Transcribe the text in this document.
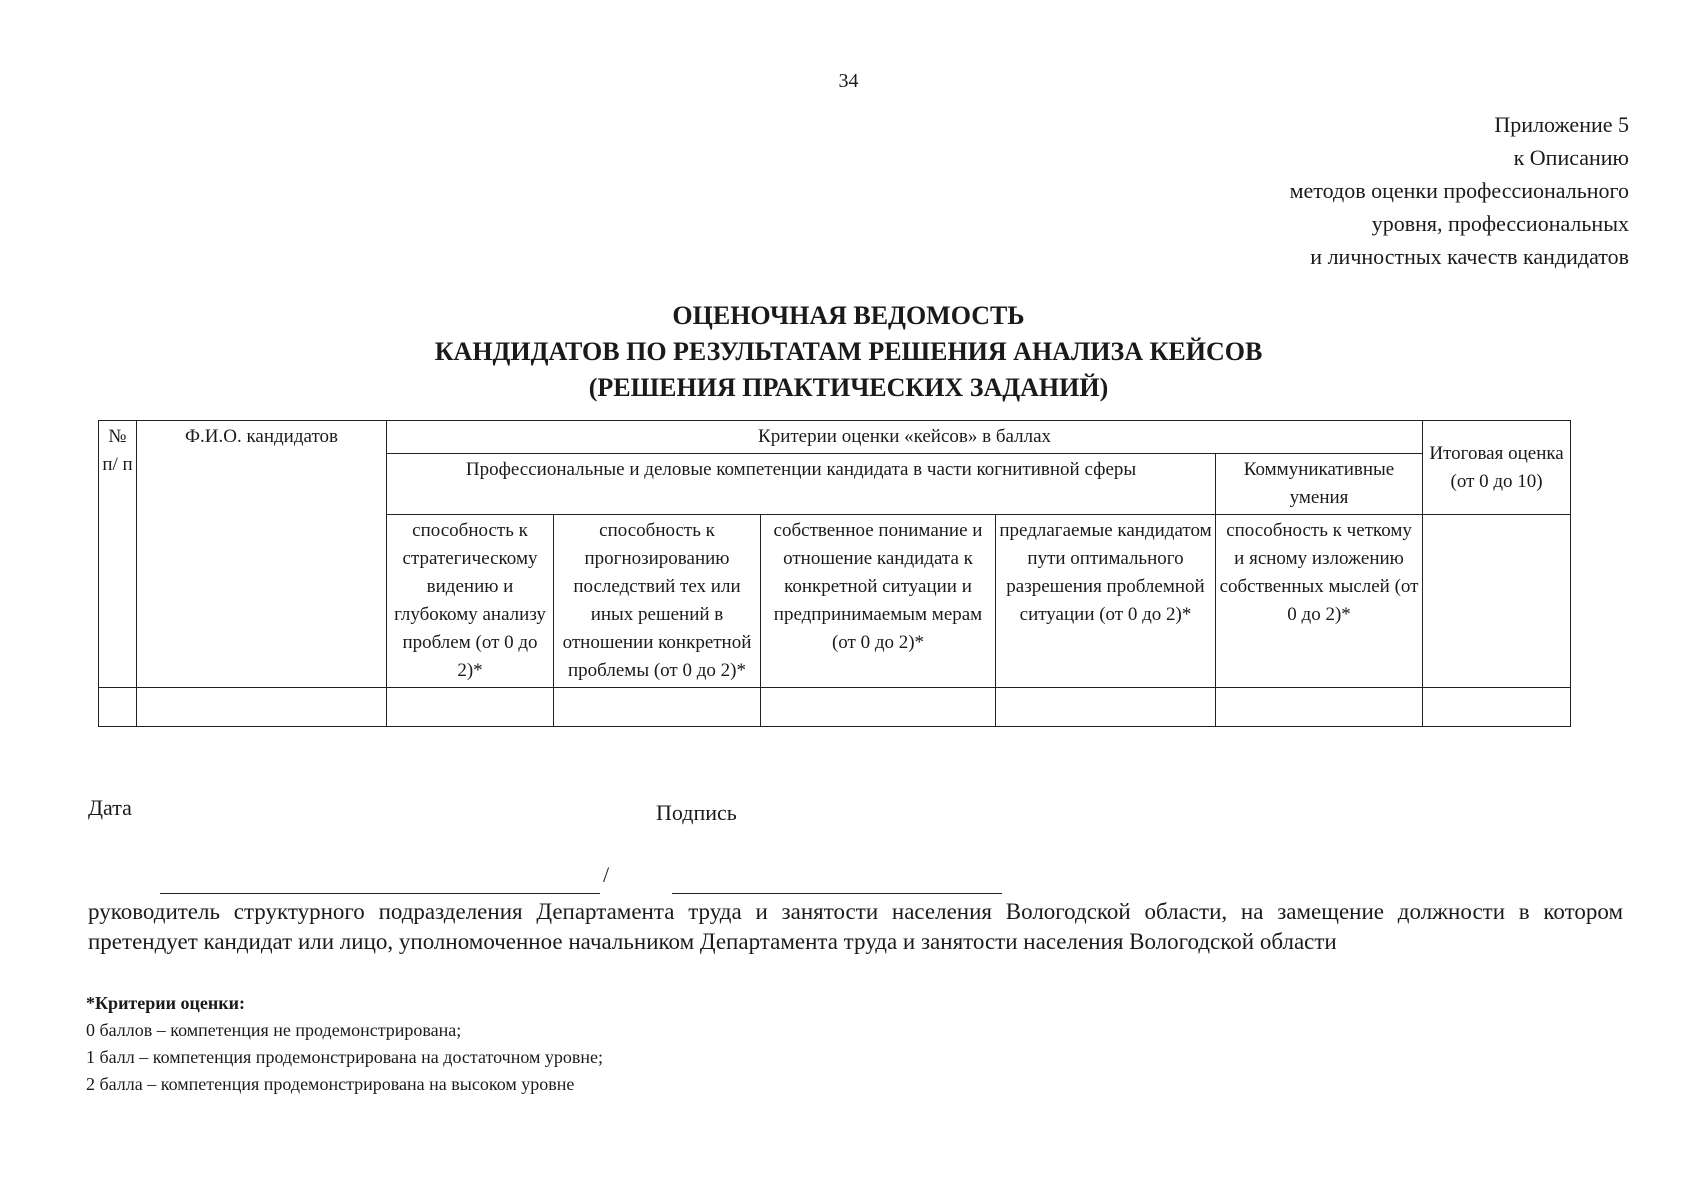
34
Приложение 5
к Описанию
методов оценки профессионального
уровня, профессиональных
и личностных качеств кандидатов
ОЦЕНОЧНАЯ ВЕДОМОСТЬ
КАНДИДАТОВ ПО РЕЗУЛЬТАТАМ РЕШЕНИЯ АНАЛИЗА КЕЙСОВ
(РЕШЕНИЯ ПРАКТИЧЕСКИХ ЗАДАНИЙ)
№ п/ п	Ф.И.О. кандидатов	Критерии оценки «кейсов» в баллах					Итоговая оценка (от 0 до 10)
		Профессиональные и деловые компетенции кандидата в части когнитивной сферы				Коммуникативные умения	
		способность к стратегическому видению и глубокому анализу проблем (от 0 до 2)*	способность к прогнозированию последствий тех или иных решений в отношении конкретной проблемы (от 0 до 2)*	собственное понимание и отношение кандидата к конкретной ситуации и предпринимаемым мерам (от 0 до 2)*	предлагаемые кандидатом пути оптимального разрешения проблемной ситуации (от 0 до 2)*	способность к четкому и ясному изложению собственных мыслей (от 0 до 2)*	

Дата	Подпись
/
руководитель структурного подразделения Департамента труда и занятости населения Вологодской области, на замещение должности в котором претендует кандидат или лицо, уполномоченное начальником Департамента труда и занятости населения Вологодской области
*Критерии оценки:
0 баллов – компетенция не продемонстрирована;
1 балл – компетенция продемонстрирована на достаточном уровне;
2 балла – компетенция продемонстрирована на высоком уровне
